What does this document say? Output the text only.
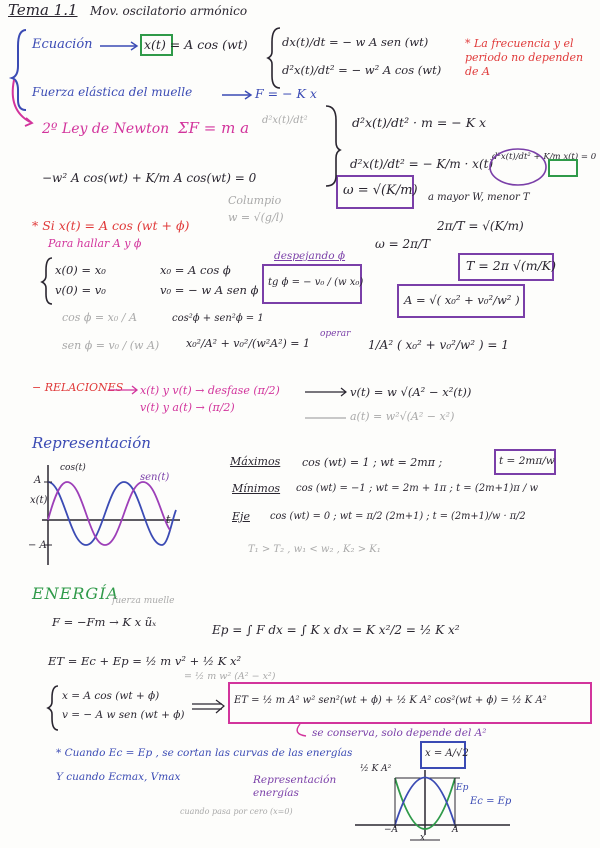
Tema 1.1 Mov. oscilatorio armónico
Ecuación	x(t) = A cos (wt)	dx(t)/dt = − w A sen (wt)
d²x(t)/dt² = − w² A cos (wt)
* La frecuencia y el periodo no dependen de A
Fuerza elástica del muelle	F = − K x
2º Ley de Newton ΣF = m a d²x(t)/dt²	d²x(t)/dt² · m = − K x
d²x(t)/dt² = − K/m · x(t)
d²x(t)/dt² + K/m x(t) = 0
−w² A cos(wt) + K/m A cos(wt) = 0
ω = √(K/m) a mayor W, menor T
Columpio
w = √(g/l)
ω = 2π/T
2π/T = √(K/m)
T = 2π √(m/K)
* Si x(t) = A cos (wt + ϕ)
Para hallar A y ϕ
x(0) = x₀
v(0) = v₀
x₀ = A cos ϕ
v₀ = − w A sen ϕ
despejando ϕ
tg ϕ = − v₀ / (w x₀)
cos ϕ = x₀ / A
sen ϕ = v₀ / (w A)
cos²ϕ + sen²ϕ = 1
x₀²/A² + v₀²/(w²A²) = 1
operar
1/A² ( x₀² + v₀²/w² ) = 1
A = √( x₀² + v₀²/w² )
− RELACIONES x(t) y v(t) → desfase (π/2)
v(t) y a(t) → (π/2)
v(t) = w √(A² − x²(t))
a(t) = w²√(A² − x²)
Representación
cos(t)
sen(t)
A
x(t)
− A
t
Máximos cos (wt) = 1 ; wt = 2mπ ;	t = 2mπ/w
Mínimos cos (wt) = −1 ; wt = 2m + 1π ; t = (2m+1)π / w
Eje cos (wt) = 0 ; wt = π/2 (2m+1) ; t = (2m+1)/w · π/2
T₁ > T₂ , w₁ < w₂ , K₂ > K₁
ENERGÍA
fuerza muelle
F = −Fm → K x ũₓ
Ep = ∫ F dx = ∫ K x dx = K x²/2 = ½ K x²
ET = Ec + Ep = ½ m v² + ½ K x²
= ½ m w² (A² − x²)
x = A cos (wt + ϕ)
v = − A w sen (wt + ϕ)
ET = ½ m A² w² sen²(wt + ϕ) + ½ K A² cos²(wt + ϕ) = ½ K A²
se conserva, solo depende del A²
* Cuando Ec = Ep , se cortan las curvas de las energías	x = A/√2
Y cuando Ecmax, Vmax
cuando pasa por cero (x=0)
Representación energías
½ K A²
Ep
Ec = Ep
−A	A
x
